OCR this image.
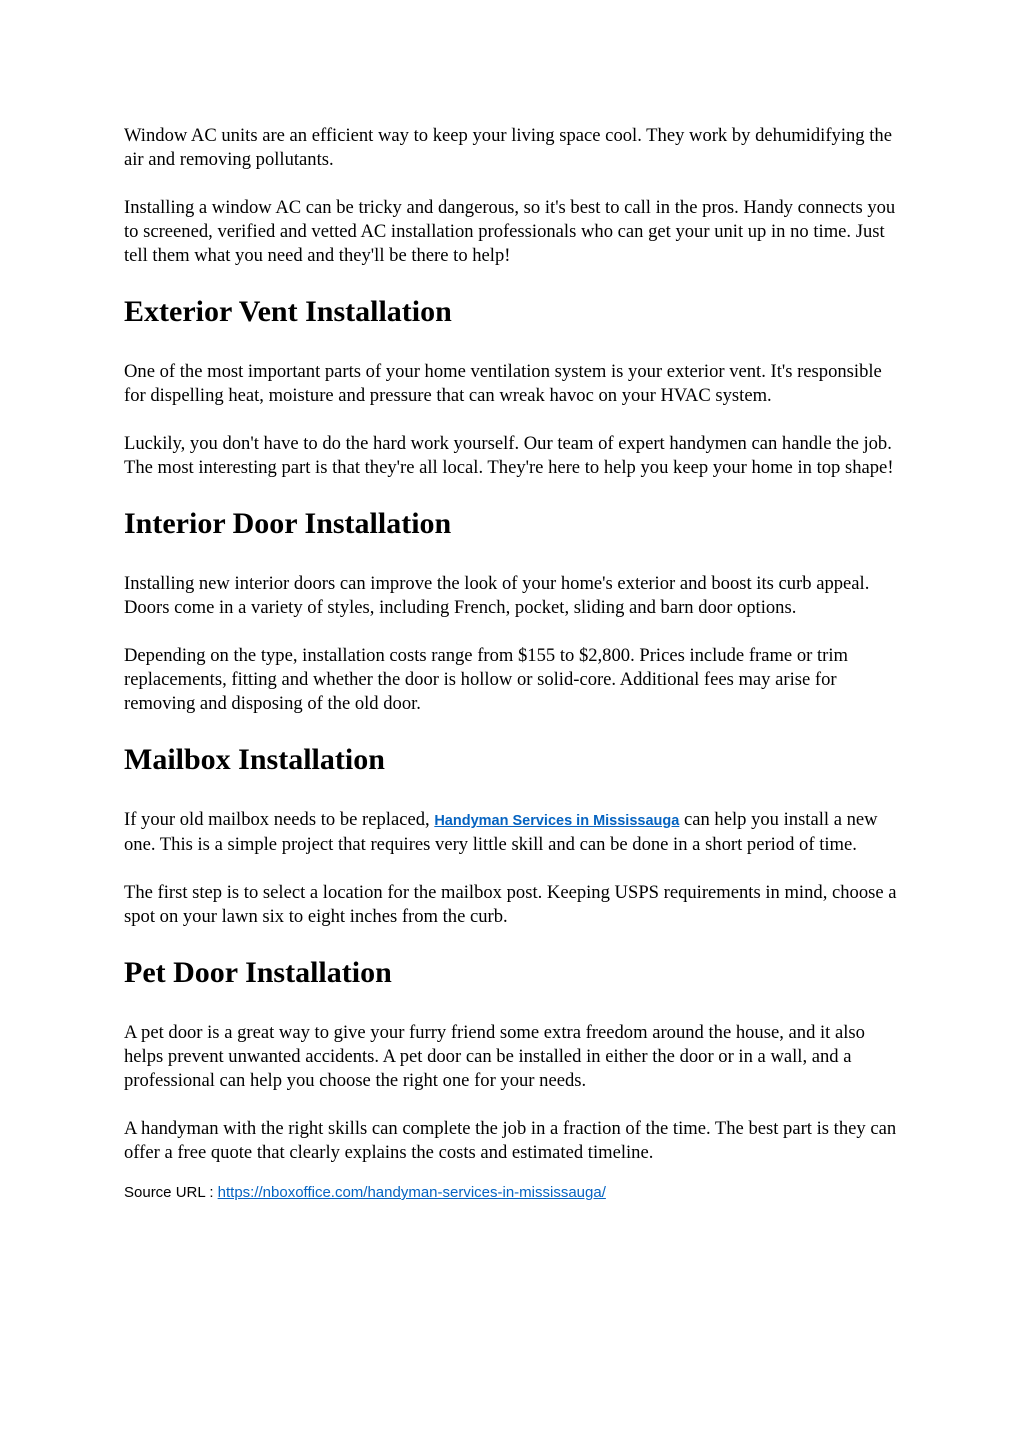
Window AC units are an efficient way to keep your living space cool. They work by dehumidifying the air and removing pollutants.

Installing a window AC can be tricky and dangerous, so it's best to call in the pros. Handy connects you to screened, verified and vetted AC installation professionals who can get your unit up in no time. Just tell them what you need and they'll be there to help!

Exterior Vent Installation

One of the most important parts of your home ventilation system is your exterior vent. It's responsible for dispelling heat, moisture and pressure that can wreak havoc on your HVAC system.

Luckily, you don't have to do the hard work yourself. Our team of expert handymen can handle the job. The most interesting part is that they're all local. They're here to help you keep your home in top shape!

Interior Door Installation

Installing new interior doors can improve the look of your home's exterior and boost its curb appeal. Doors come in a variety of styles, including French, pocket, sliding and barn door options.

Depending on the type, installation costs range from $155 to $2,800. Prices include frame or trim replacements, fitting and whether the door is hollow or solid-core. Additional fees may arise for removing and disposing of the old door.

Mailbox Installation

If your old mailbox needs to be replaced, Handyman Services in Mississauga can help you install a new one. This is a simple project that requires very little skill and can be done in a short period of time.

The first step is to select a location for the mailbox post. Keeping USPS requirements in mind, choose a spot on your lawn six to eight inches from the curb.

Pet Door Installation

A pet door is a great way to give your furry friend some extra freedom around the house, and it also helps prevent unwanted accidents. A pet door can be installed in either the door or in a wall, and a professional can help you choose the right one for your needs.

A handyman with the right skills can complete the job in a fraction of the time. The best part is they can offer a free quote that clearly explains the costs and estimated timeline.

Source URL : https://nboxoffice.com/handyman-services-in-mississauga/
